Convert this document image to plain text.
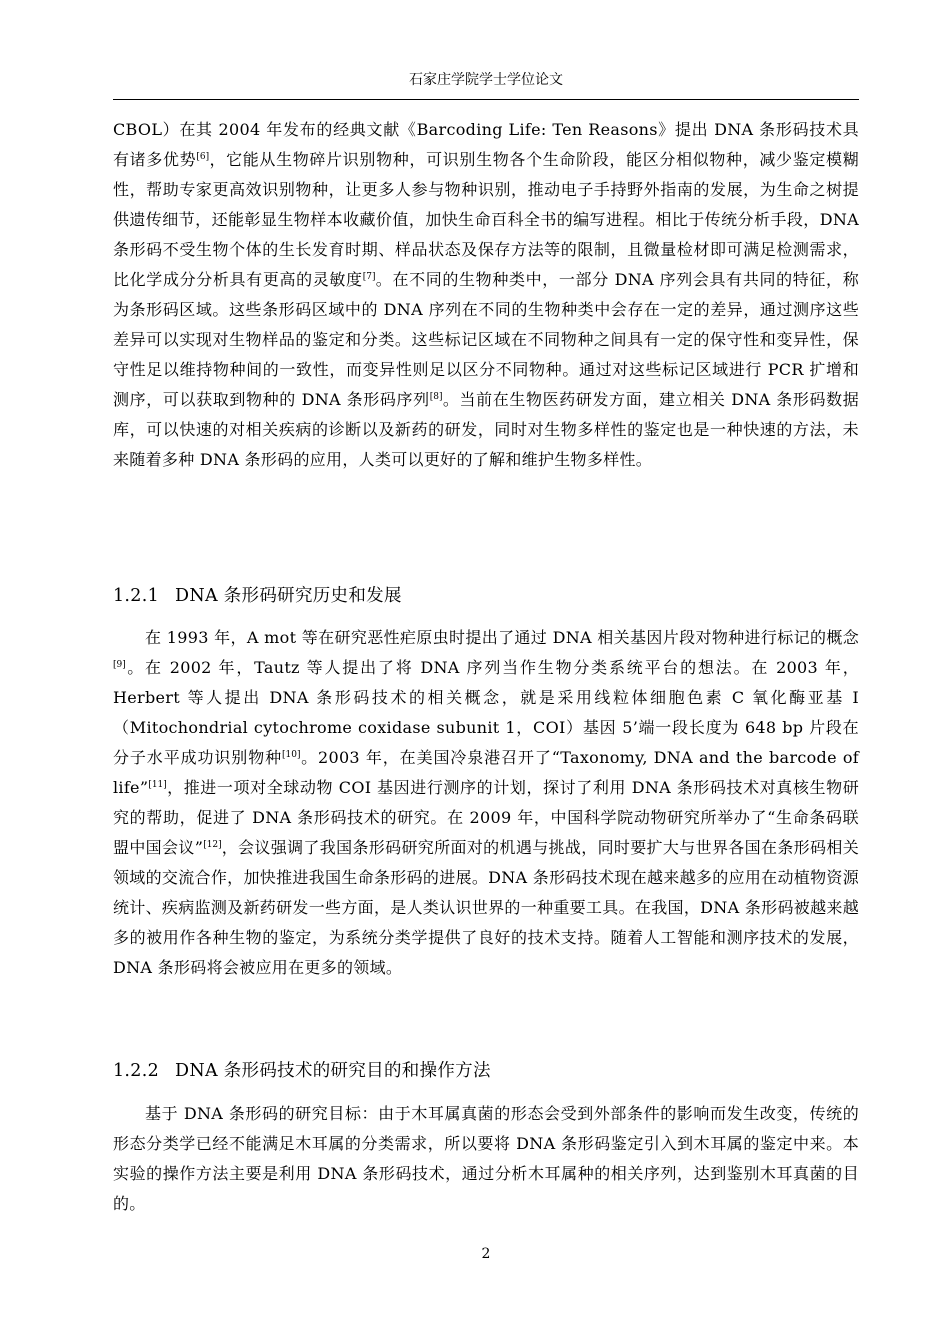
石家庄学院学士学位论文
CBOL）在其 2004 年发布的经典文献《Barcoding Life: Ten Reasons》提出 DNA 条形码技术具有诸多优势[6]，它能从生物碎片识别物种，可识别生物各个生命阶段，能区分相似物种，减少鉴定模糊性，帮助专家更高效识别物种，让更多人参与物种识别，推动电子手持野外指南的发展，为生命之树提供遗传细节，还能彰显生物样本收藏价值，加快生命百科全书的编写进程。相比于传统分析手段，DNA 条形码不受生物个体的生长发育时期、样品状态及保存方法等的限制，且微量检材即可满足检测需求，比化学成分分析具有更高的灵敏度[7]。在不同的生物种类中，一部分 DNA 序列会具有共同的特征，称为条形码区域。这些条形码区域中的 DNA 序列在不同的生物种类中会存在一定的差异，通过测序这些差异可以实现对生物样品的鉴定和分类。这些标记区域在不同物种之间具有一定的保守性和变异性，保守性足以维持物种间的一致性，而变异性则足以区分不同物种。通过对这些标记区域进行 PCR 扩增和测序，可以获取到物种的 DNA 条形码序列[8]。当前在生物医药研发方面，建立相关 DNA 条形码数据库，可以快速的对相关疾病的诊断以及新药的研发，同时对生物多样性的鉴定也是一种快速的方法，未来随着多种 DNA 条形码的应用，人类可以更好的了解和维护生物多样性。
1.2.1 DNA 条形码研究历史和发展
在 1993 年，A mot 等在研究恶性疟原虫时提出了通过 DNA 相关基因片段对物种进行标记的概念[9]。在 2002 年，Tautz 等人提出了将 DNA 序列当作生物分类系统平台的想法。在 2003 年，Herbert 等人提出 DNA 条形码技术的相关概念，就是采用线粒体细胞色素 C 氧化酶亚基 I（Mitochondrial cytochrome coxidase subunit 1，COI）基因 5’端一段长度为 648 bp 片段在分子水平成功识别物种[10]。2003 年，在美国冷泉港召开了“Taxonomy, DNA and the barcode of life”[11]，推进一项对全球动物 COI 基因进行测序的计划，探讨了利用 DNA 条形码技术对真核生物研究的帮助，促进了 DNA 条形码技术的研究。在 2009 年，中国科学院动物研究所举办了“生命条码联盟中国会议”[12]，会议强调了我国条形码研究所面对的机遇与挑战，同时要扩大与世界各国在条形码相关领域的交流合作，加快推进我国生命条形码的进展。DNA 条形码技术现在越来越多的应用在动植物资源统计、疾病监测及新药研发一些方面，是人类认识世界的一种重要工具。在我国，DNA 条形码被越来越多的被用作各种生物的鉴定，为系统分类学提供了良好的技术支持。随着人工智能和测序技术的发展，DNA 条形码将会被应用在更多的领域。
1.2.2 DNA 条形码技术的研究目的和操作方法
基于 DNA 条形码的研究目标：由于木耳属真菌的形态会受到外部条件的影响而发生改变，传统的形态分类学已经不能满足木耳属的分类需求，所以要将 DNA 条形码鉴定引入到木耳属的鉴定中来。本实验的操作方法主要是利用 DNA 条形码技术，通过分析木耳属种的相关序列，达到鉴别木耳真菌的目的。
2
